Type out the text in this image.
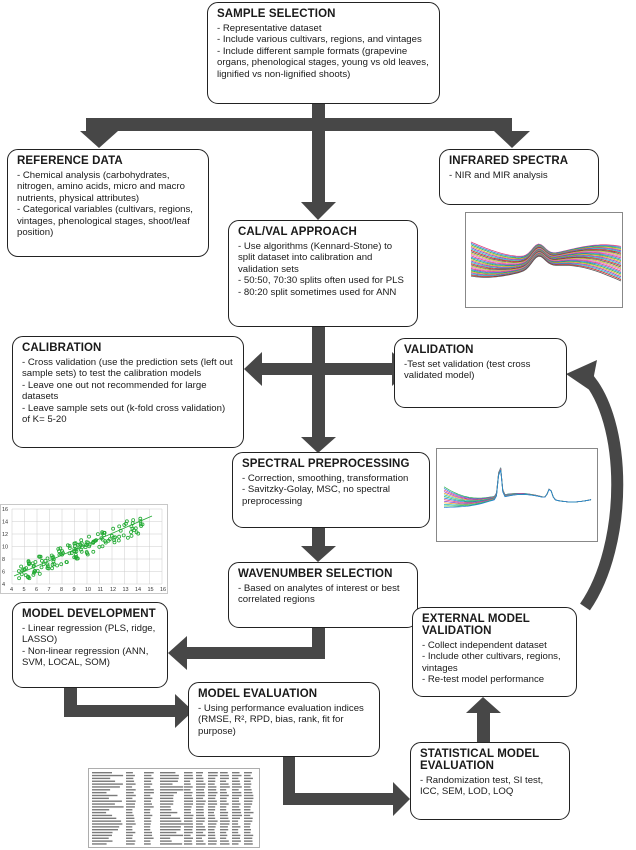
SAMPLE SELECTION
- Representative dataset
- Include various cultivars, regions, and vintages
- Include different sample formats (grapevine organs, phenological stages, young vs old leaves, lignified vs non-lignified shoots)
REFERENCE DATA
- Chemical analysis (carbohydrates, nitrogen, amino acids, micro and macro nutrients, physical attributes)
- Categorical variables (cultivars, regions, vintages, phenological stages, shoot/leaf position)
INFRARED SPECTRA
- NIR and MIR analysis
CAL/VAL APPROACH
- Use algorithms (Kennard-Stone) to split dataset into calibration and validation sets
- 50:50, 70:30 splits often used for PLS
- 80:20 split sometimes used for ANN
CALIBRATION
- Cross validation (use the prediction sets (left out sample sets) to test the calibration models
- Leave one out not recommended for large datasets
- Leave sample sets out (k-fold cross validation) of K= 5-20
VALIDATION
-Test set validation (test cross validated model)
SPECTRAL PREPROCESSING
- Correction, smoothing, transformation
- Savitzky-Golay, MSC, no spectral preprocessing
WAVENUMBER SELECTION
- Based on analytes of interest or best correlated regions
MODEL DEVELOPMENT
- Linear regression (PLS, ridge, LASSO)
- Non-linear regression (ANN, SVM, LOCAL, SOM)
EXTERNAL MODEL VALIDATION
- Collect independent dataset
- Include other cultivars, regions, vintages
- Re-test model performance
MODEL EVALUATION
- Using performance evaluation indices (RMSE, R², RPD, bias, rank, fit for purpose)
STATISTICAL MODEL EVALUATION
- Randomization test, SI test, ICC, SEM, LOD, LOQ
4 5 6 7 8 9 10 11 12 13 14 15 16
16
14
12
10
8
6
4
